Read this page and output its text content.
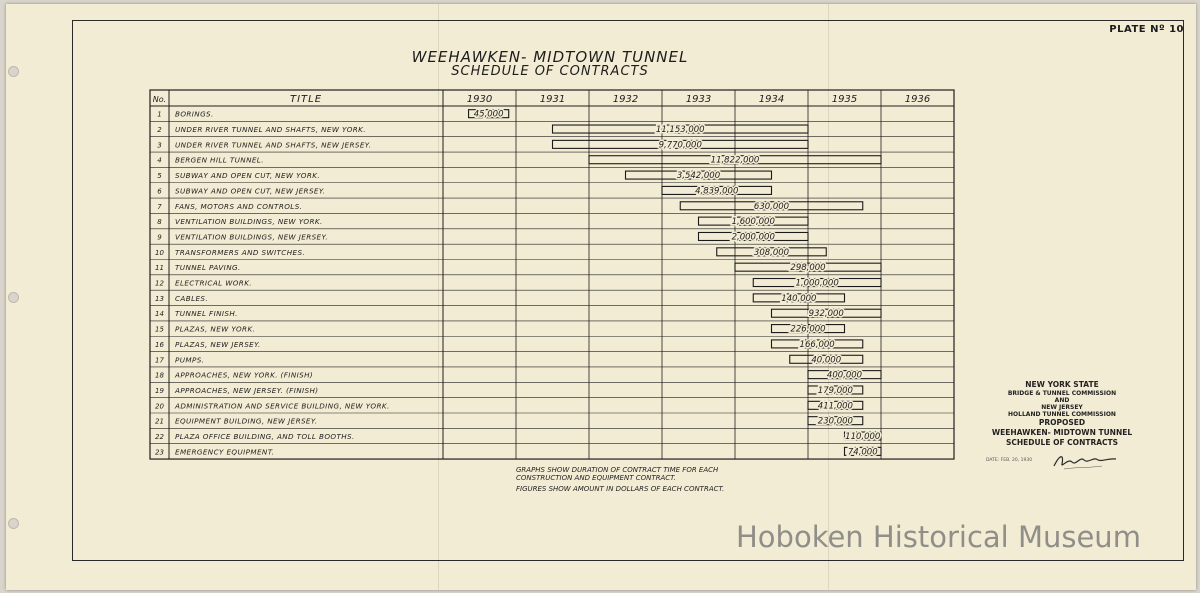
PLATE Nº 10
WEEHAWKEN- MIDTOWN TUNNEL
SCHEDULE OF CONTRACTS
No.	TITLE	1930	1931	1932	1933	1934	1935	1936
1 BORINGS.	45,000
2 UNDER RIVER TUNNEL AND SHAFTS, NEW YORK.	11,153,000
3 UNDER RIVER TUNNEL AND SHAFTS, NEW JERSEY.	9,770,000
4 BERGEN HILL TUNNEL.	11,822,000
5 SUBWAY AND OPEN CUT, NEW YORK.	3,542,000
6 SUBWAY AND OPEN CUT, NEW JERSEY.	4,839,000
7 FANS, MOTORS AND CONTROLS.	630,000
8 VENTILATION BUILDINGS, NEW YORK.	1,600,000
9 VENTILATION BUILDINGS, NEW JERSEY.	2,000,000
10 TRANSFORMERS AND SWITCHES.	308,000
11 TUNNEL PAVING.	298,000
12 ELECTRICAL WORK.	1,000,000
13 CABLES.	140,000
14 TUNNEL FINISH.	932,000
15 PLAZAS, NEW YORK.	226,000
16 PLAZAS, NEW JERSEY.	166,000
17 PUMPS.	40,000
18 APPROACHES, NEW YORK. (FINISH)	400,000
19 APPROACHES, NEW JERSEY. (FINISH)	179,000
20 ADMINISTRATION AND SERVICE BUILDING, NEW YORK.	411,000
21 EQUIPMENT BUILDING, NEW JERSEY.	230,000
22 PLAZA OFFICE BUILDING, AND TOLL BOOTHS.	110,000
23 EMERGENCY EQUIPMENT.	74,000

GRAPHS SHOW DURATION OF CONTRACT TIME FOR EACH CONSTRUCTION AND EQUIPMENT CONTRACT.

FIGURES SHOW AMOUNT IN DOLLARS OF EACH CONTRACT.

NEW YORK STATE
BRIDGE & TUNNEL COMMISSION
AND
NEW JERSEY
HOLLAND TUNNEL COMMISSION
PROPOSED
WEEHAWKEN- MIDTOWN TUNNEL
SCHEDULE OF CONTRACTS
DATE: FEB. 20, 1930
Hoboken Historical Museum
